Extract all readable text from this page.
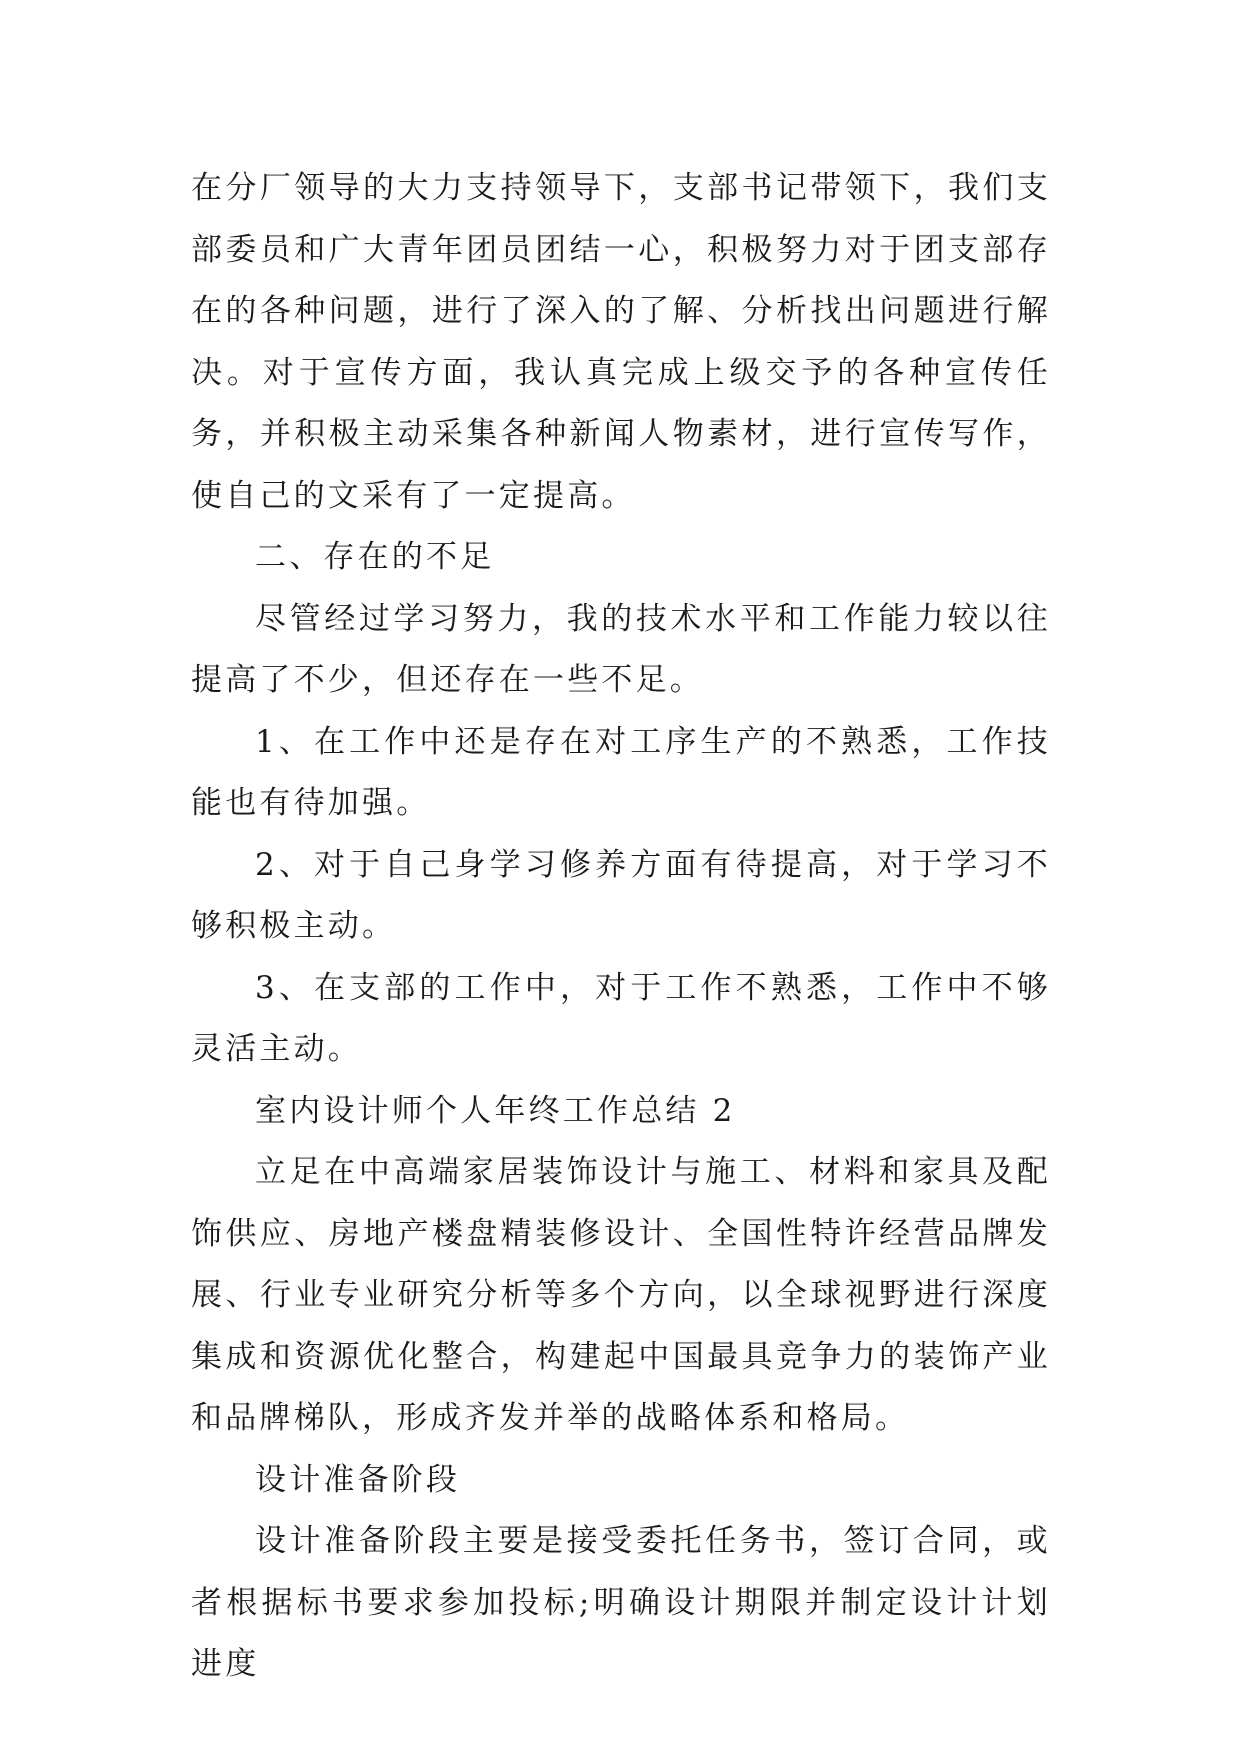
在分厂领导的大力支持领导下，支部书记带领下，我们支部委员和广大青年团员团结一心，积极努力对于团支部存在的各种问题，进行了深入的了解、分析找出问题进行解决。对于宣传方面，我认真完成上级交予的各种宣传任务，并积极主动采集各种新闻人物素材，进行宣传写作，使自己的文采有了一定提高。

二、存在的不足

尽管经过学习努力，我的技术水平和工作能力较以往提高了不少，但还存在一些不足。

1、在工作中还是存在对工序生产的不熟悉，工作技能也有待加强。

2、对于自己身学习修养方面有待提高，对于学习不够积极主动。

3、在支部的工作中，对于工作不熟悉，工作中不够灵活主动。

室内设计师个人年终工作总结 2

立足在中高端家居装饰设计与施工、材料和家具及配饰供应、房地产楼盘精装修设计、全国性特许经营品牌发展、行业专业研究分析等多个方向，以全球视野进行深度集成和资源优化整合，构建起中国最具竞争力的装饰产业和品牌梯队，形成齐发并举的战略体系和格局。

设计准备阶段

设计准备阶段主要是接受委托任务书，签订合同，或者根据标书要求参加投标;明确设计期限并制定设计计划进度
